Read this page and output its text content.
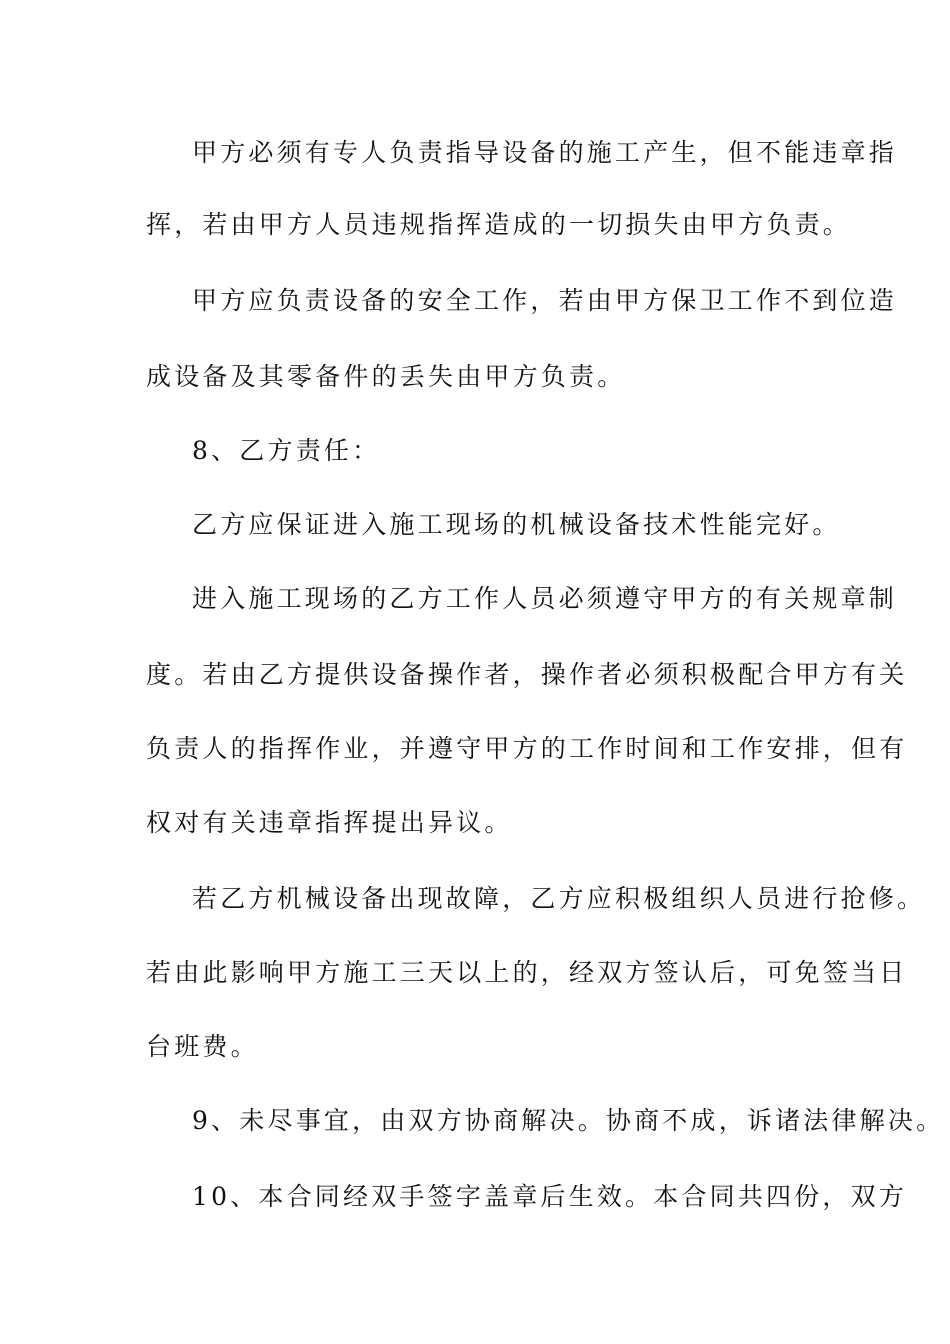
甲方必须有专人负责指导设备的施工产生，但不能违章指
挥，若由甲方人员违规指挥造成的一切损失由甲方负责。
甲方应负责设备的安全工作，若由甲方保卫工作不到位造
成设备及其零备件的丢失由甲方负责。
8、乙方责任：
乙方应保证进入施工现场的机械设备技术性能完好。
进入施工现场的乙方工作人员必须遵守甲方的有关规章制
度。若由乙方提供设备操作者，操作者必须积极配合甲方有关
负责人的指挥作业，并遵守甲方的工作时间和工作安排，但有
权对有关违章指挥提出异议。
若乙方机械设备出现故障，乙方应积极组织人员进行抢修。
若由此影响甲方施工三天以上的，经双方签认后，可免签当日
台班费。
9、未尽事宜，由双方协商解决。协商不成，诉诸法律解决。
10、本合同经双手签字盖章后生效。本合同共四份，双方
